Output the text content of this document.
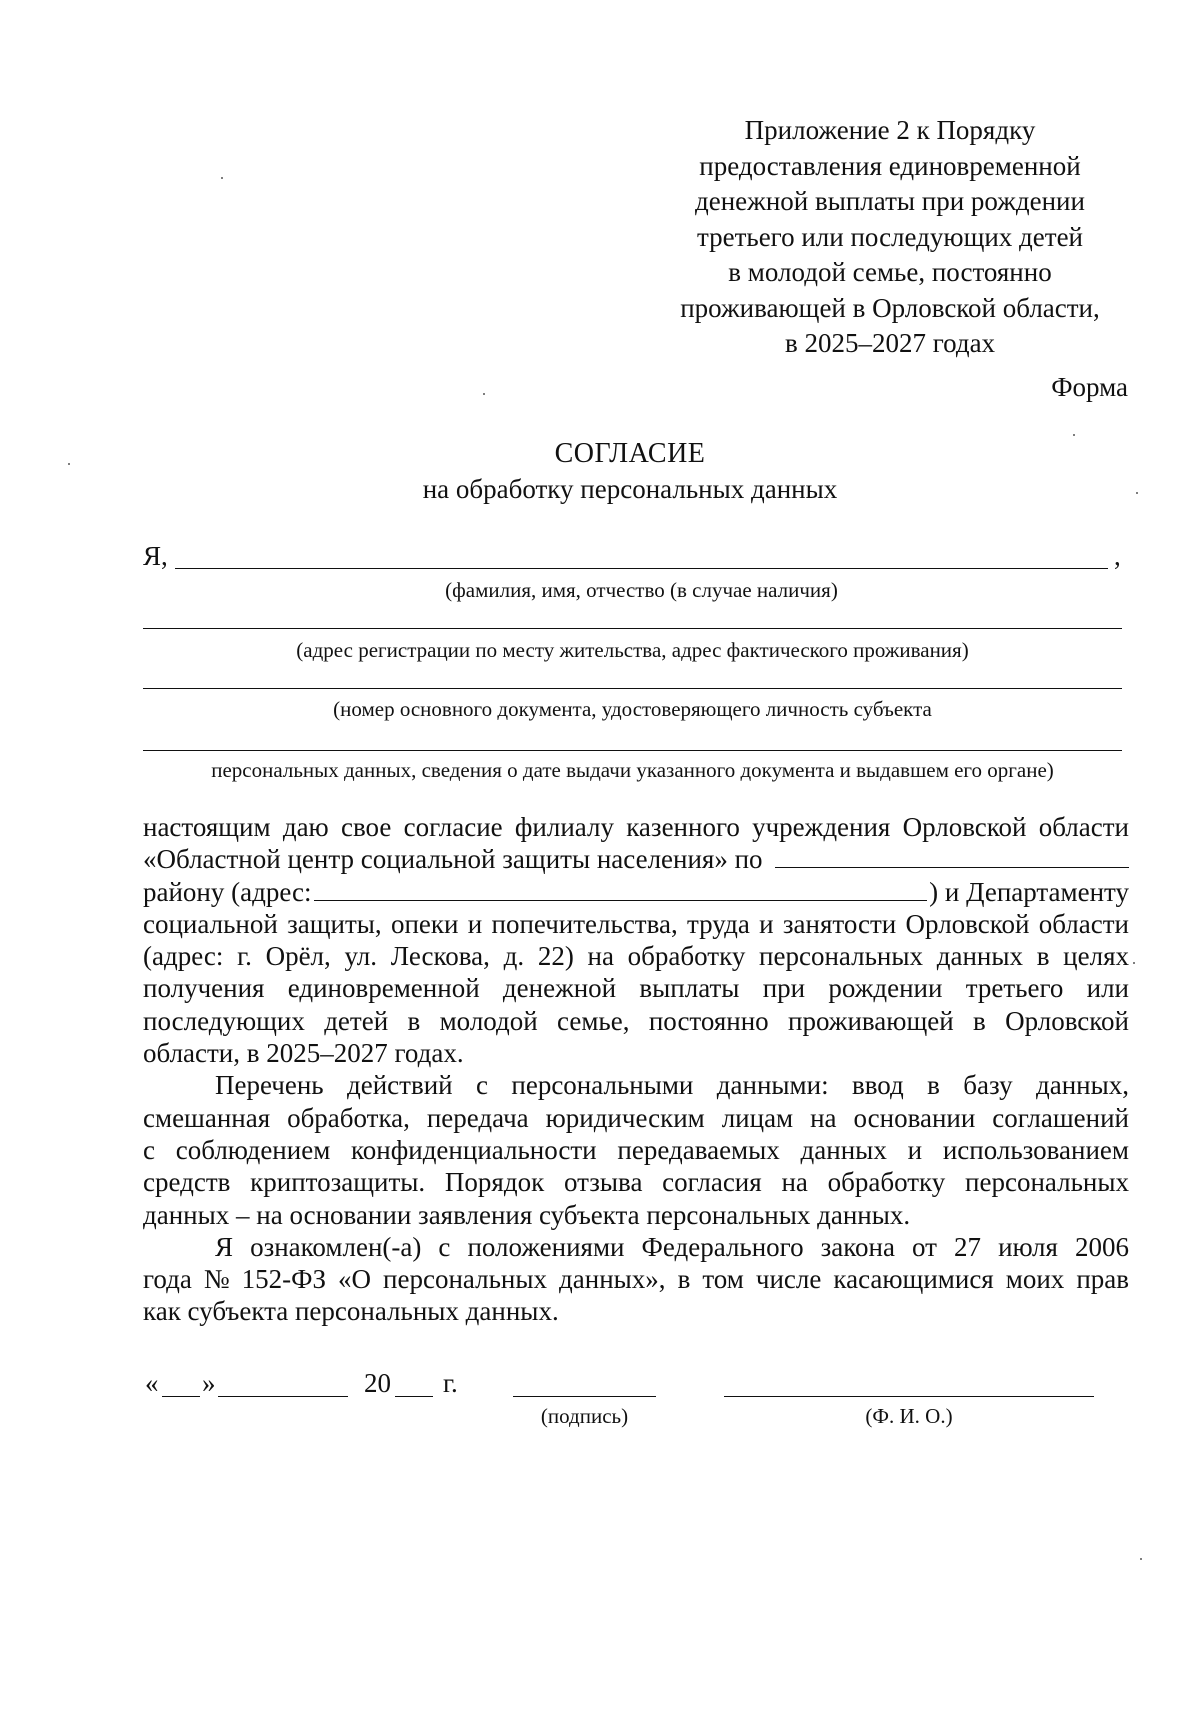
Приложение 2 к Порядку
предоставления единовременной
денежной выплаты при рождении
третьего или последующих детей
в молодой семье, постоянно
проживающей в Орловской области,
в 2025–2027 годах
Форма
СОГЛАСИЕ
на обработку персональных данных
Я,	,
(фамилия, имя, отчество (в случае наличия)
(адрес регистрации по месту жительства, адрес фактического проживания)
(номер основного документа, удостоверяющего личность субъекта
персональных данных, сведения о дате выдачи указанного документа и выдавшем его органе)
настоящим даю свое согласие филиалу казенного учреждения Орловской области
«Областной центр социальной защиты населения» по
району (адрес:	) и Департаменту
социальной защиты, опеки и попечительства, труда и занятости Орловской области
(адрес: г. Орёл, ул. Лескова, д. 22) на обработку персональных данных в целях
получения единовременной денежной выплаты при рождении третьего или
последующих детей в молодой семье, постоянно проживающей в Орловской
области, в 2025–2027 годах.
Перечень действий с персональными данными: ввод в базу данных,
смешанная обработка, передача юридическим лицам на основании соглашений
с соблюдением конфиденциальности передаваемых данных и использованием
средств криптозащиты. Порядок отзыва согласия на обработку персональных
данных – на основании заявления субъекта персональных данных.
Я ознакомлен(-а) с положениями Федерального закона от 27 июля 2006
года № 152-ФЗ «О персональных данных», в том числе касающимися моих прав
как субъекта персональных данных.
« »	20 г.
(подпись)	(Ф. И. О.)
